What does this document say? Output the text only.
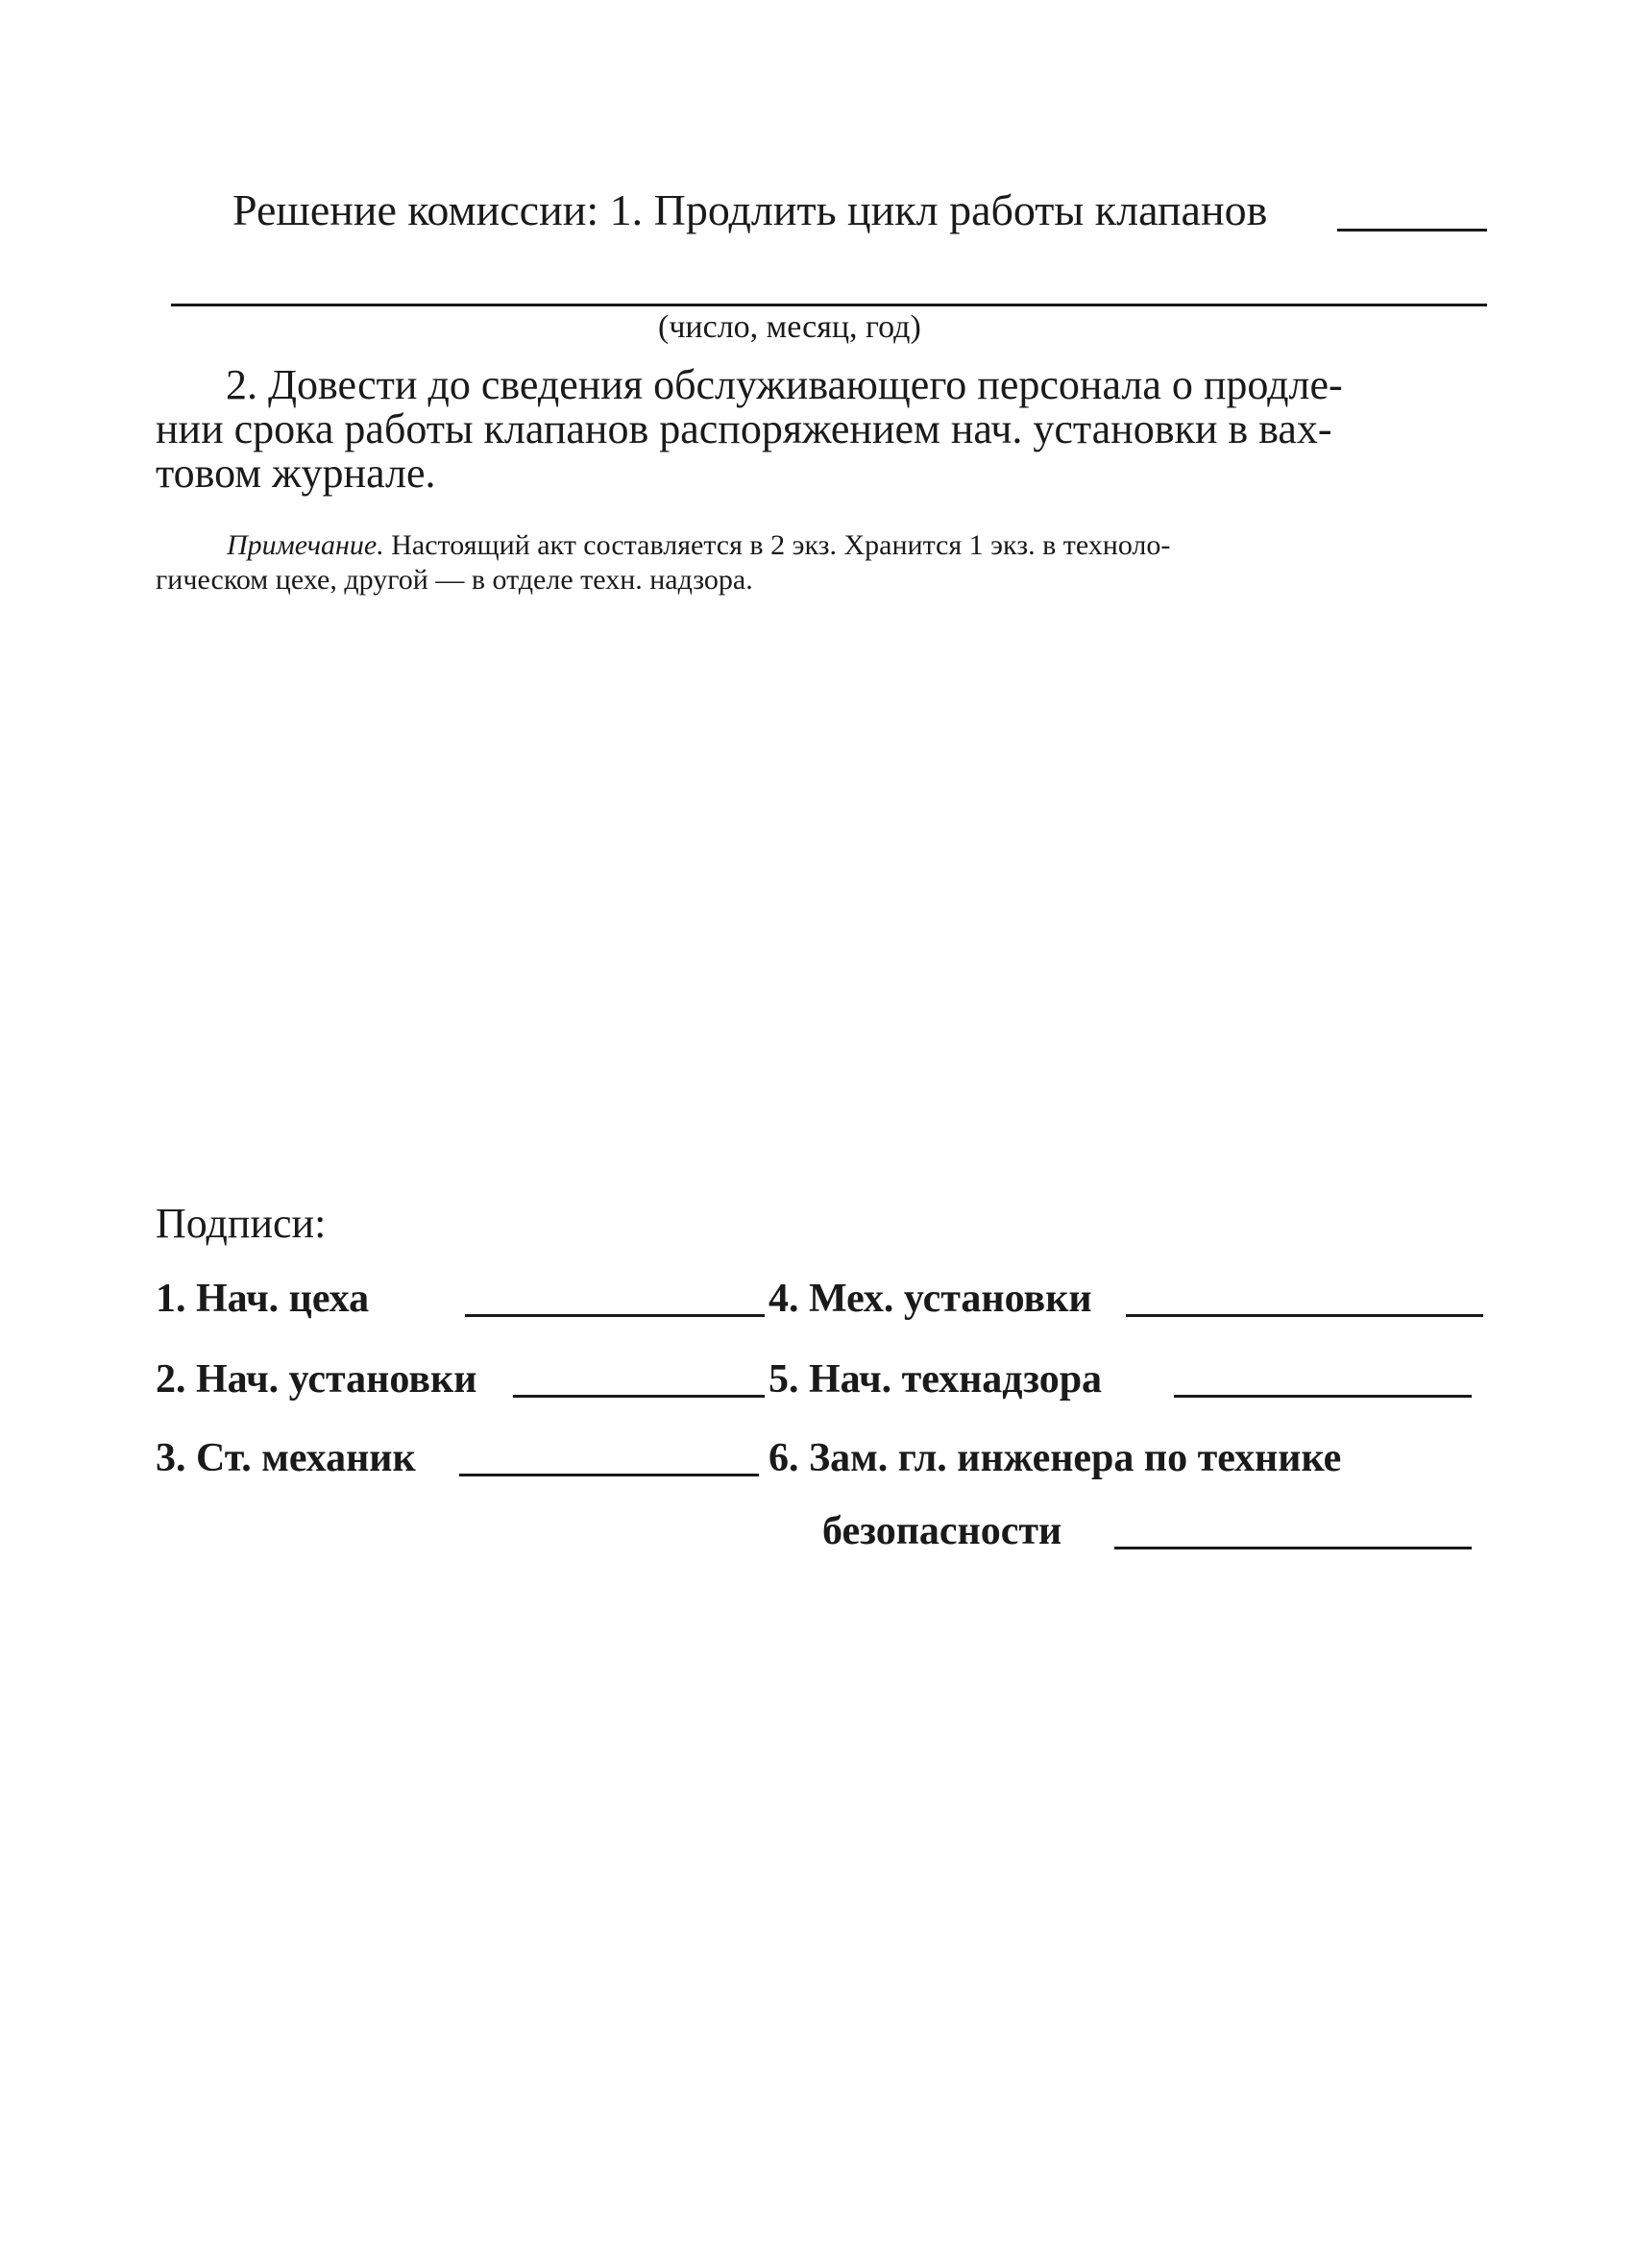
Решение комиссии: 1. Продлить цикл работы клапанов
(число, месяц, год)
2. Довести до сведения обслуживающего персонала о продле-
нии срока работы клапанов распоряжением нач. установки в вах-
товом журнале.
Примечание. Настоящий акт составляется в 2 экз. Хранится 1 экз. в техноло-
гическом цехе, другой — в отделе техн. надзора.
Подписи:
1. Нач. цеха	4. Мех. установки
2. Нач. установки	5. Нач. технадзора
3. Ст. механик	6. Зам. гл. инженера по технике
безопасности
